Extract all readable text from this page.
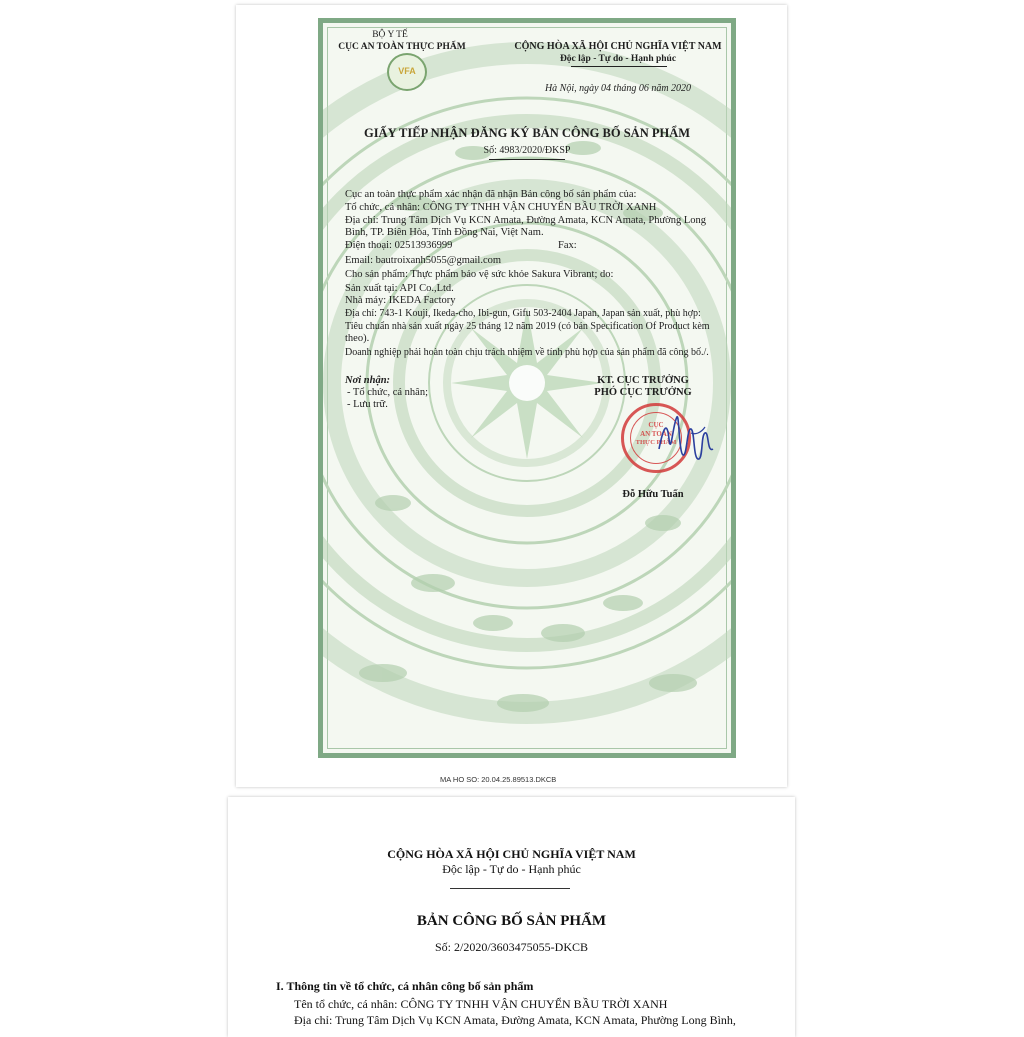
BỘ Y TẾ
CỤC AN TOÀN THỰC PHẨM
VFA
CỘNG HÒA XÃ HỘI CHỦ NGHĨA VIỆT NAM
Độc lập - Tự do - Hạnh phúc
Hà Nội, ngày 04 tháng 06 năm 2020
GIẤY TIẾP NHẬN ĐĂNG KÝ BẢN CÔNG BỐ SẢN PHẨM
Số: 4983/2020/ĐKSP
Cục an toàn thực phẩm xác nhận đã nhận Bản công bố sản phẩm của:
Tổ chức, cá nhân: CÔNG TY TNHH VẬN CHUYỂN BẦU TRỜI XANH
Địa chỉ: Trung Tâm Dịch Vụ KCN Amata, Đường Amata, KCN Amata, Phường Long
Bình, TP. Biên Hòa, Tỉnh Đồng Nai, Việt Nam.
Điện thoại: 02513936999	Fax:
Email: bautroixanh5055@gmail.com
Cho sản phẩm: Thực phẩm bảo vệ sức khỏe Sakura Vibrant; do:
Sản xuất tại: API Co.,Ltd.
Nhà máy: IKEDA Factory
Địa chỉ: 743-1 Kouji, Ikeda-cho, Ibi-gun, Gifu 503-2404 Japan, Japan sản xuất, phù hợp:
Tiêu chuẩn nhà sản xuất ngày 25 tháng 12 năm 2019 (có bản Specification Of Product kèm
theo).
Doanh nghiệp phải hoàn toàn chịu trách nhiệm về tính phù hợp của sản phẩm đã công bố./.
Nơi nhận:
- Tổ chức, cá nhân;
- Lưu trữ.
KT. CỤC TRƯỞNG
PHÓ CỤC TRƯỞNG
CỤC
AN TOÀN
THỰC PHẨM
Đỗ Hữu Tuấn
MA HO SO: 20.04.25.89513.DKCB
CỘNG HÒA XÃ HỘI CHỦ NGHĨA VIỆT NAM
Độc lập - Tự do - Hạnh phúc
BẢN CÔNG BỐ SẢN PHẨM
Số: 2/2020/3603475055-DKCB
I. Thông tin về tổ chức, cá nhân công bố sản phẩm
Tên tổ chức, cá nhân: CÔNG TY TNHH VẬN CHUYỂN BẦU TRỜI XANH
Địa chỉ: Trung Tâm Dịch Vụ KCN Amata, Đường Amata, KCN Amata, Phường Long Bình,
